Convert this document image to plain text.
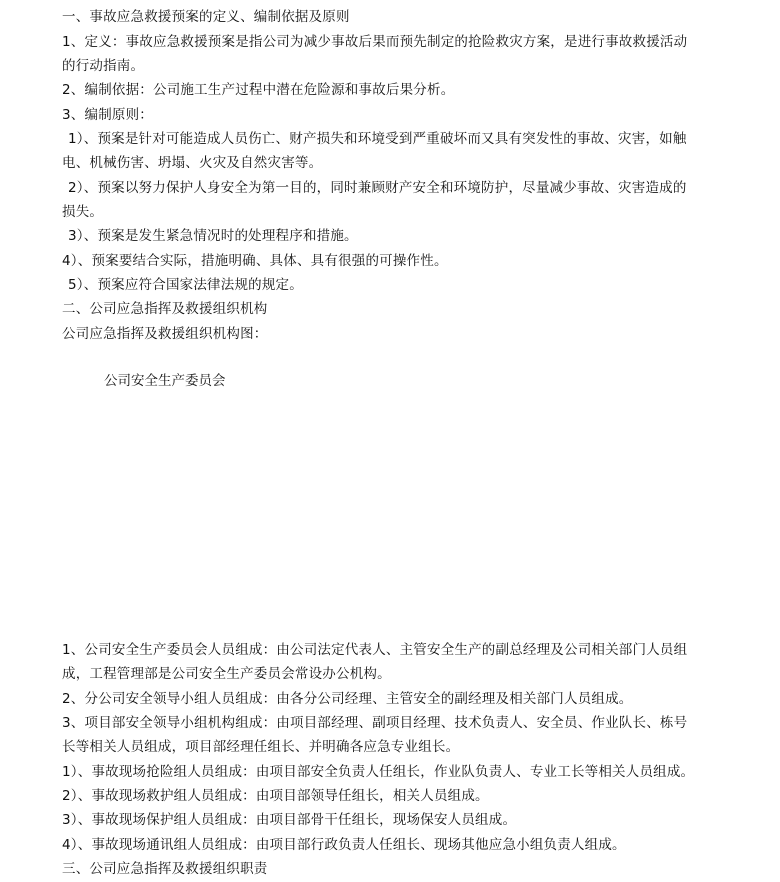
一、事故应急救援预案的定义、编制依据及原则
1、定义：事故应急救援预案是指公司为减少事故后果而预先制定的抢险救灾方案，是进行事故救援活动
的行动指南。
2、编制依据：公司施工生产过程中潜在危险源和事故后果分析。
3、编制原则：
1）、预案是针对可能造成人员伤亡、财产损失和环境受到严重破坏而又具有突发性的事故、灾害，如触
电、机械伤害、坍塌、火灾及自然灾害等。
2）、预案以努力保护人身安全为第一目的，同时兼顾财产安全和环境防护，尽量减少事故、灾害造成的
损失。
3）、预案是发生紧急情况时的处理程序和措施。
4）、预案要结合实际，措施明确、具体、具有很强的可操作性。
5）、预案应符合国家法律法规的规定。
二、公司应急指挥及救援组织机构
公司应急指挥及救援组织机构图：
公司安全生产委员会
1、公司安全生产委员会人员组成：由公司法定代表人、主管安全生产的副总经理及公司相关部门人员组
成，工程管理部是公司安全生产委员会常设办公机构。
2、分公司安全领导小组人员组成：由各分公司经理、主管安全的副经理及相关部门人员组成。
3、项目部安全领导小组机构组成：由项目部经理、副项目经理、技术负责人、安全员、作业队长、栋号
长等相关人员组成，项目部经理任组长、并明确各应急专业组长。
1）、事故现场抢险组人员组成：由项目部安全负责人任组长，作业队负责人、专业工长等相关人员组成。
2）、事故现场救护组人员组成：由项目部领导任组长，相关人员组成。
3）、事故现场保护组人员组成：由项目部骨干任组长，现场保安人员组成。
4）、事故现场通讯组人员组成：由项目部行政负责人任组长、现场其他应急小组负责人组成。
三、公司应急指挥及救援组织职责
